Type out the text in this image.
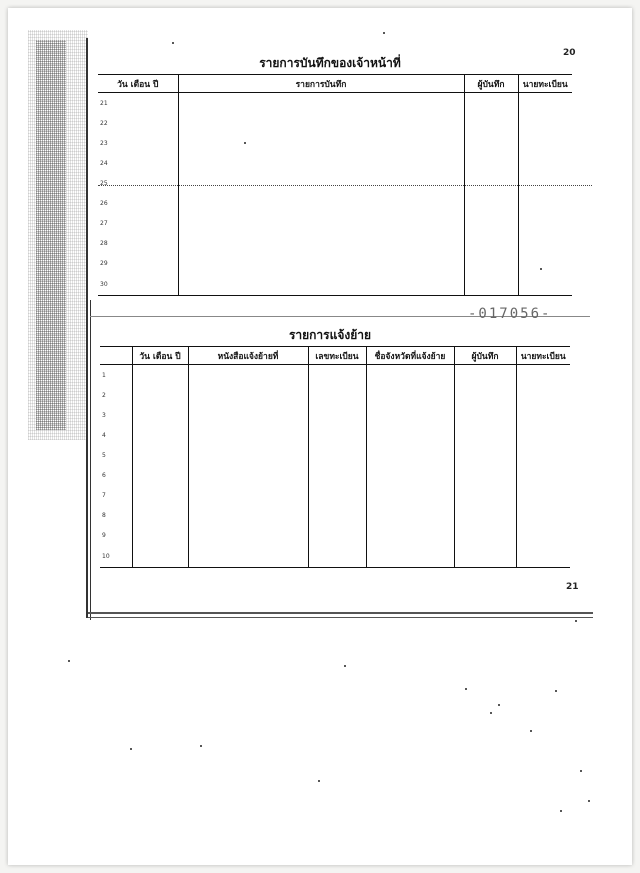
20
รายการบันทึกของเจ้าหน้าที่
วัน เดือน ปี	รายการบันทึก	ผู้บันทึก	นายทะเบียน
21			
22			
23			
24			
25			
26			
27			
28			
29			
30			
-017056-
รายการแจ้งย้าย
	วัน เดือน ปี	หนังสือแจ้งย้ายที่	เลขทะเบียน	ชื่อจังหวัดที่แจ้งย้าย	ผู้บันทึก	นายทะเบียน
1						
2						
3						
4						
5						
6						
7						
8						
9						
10						
21
